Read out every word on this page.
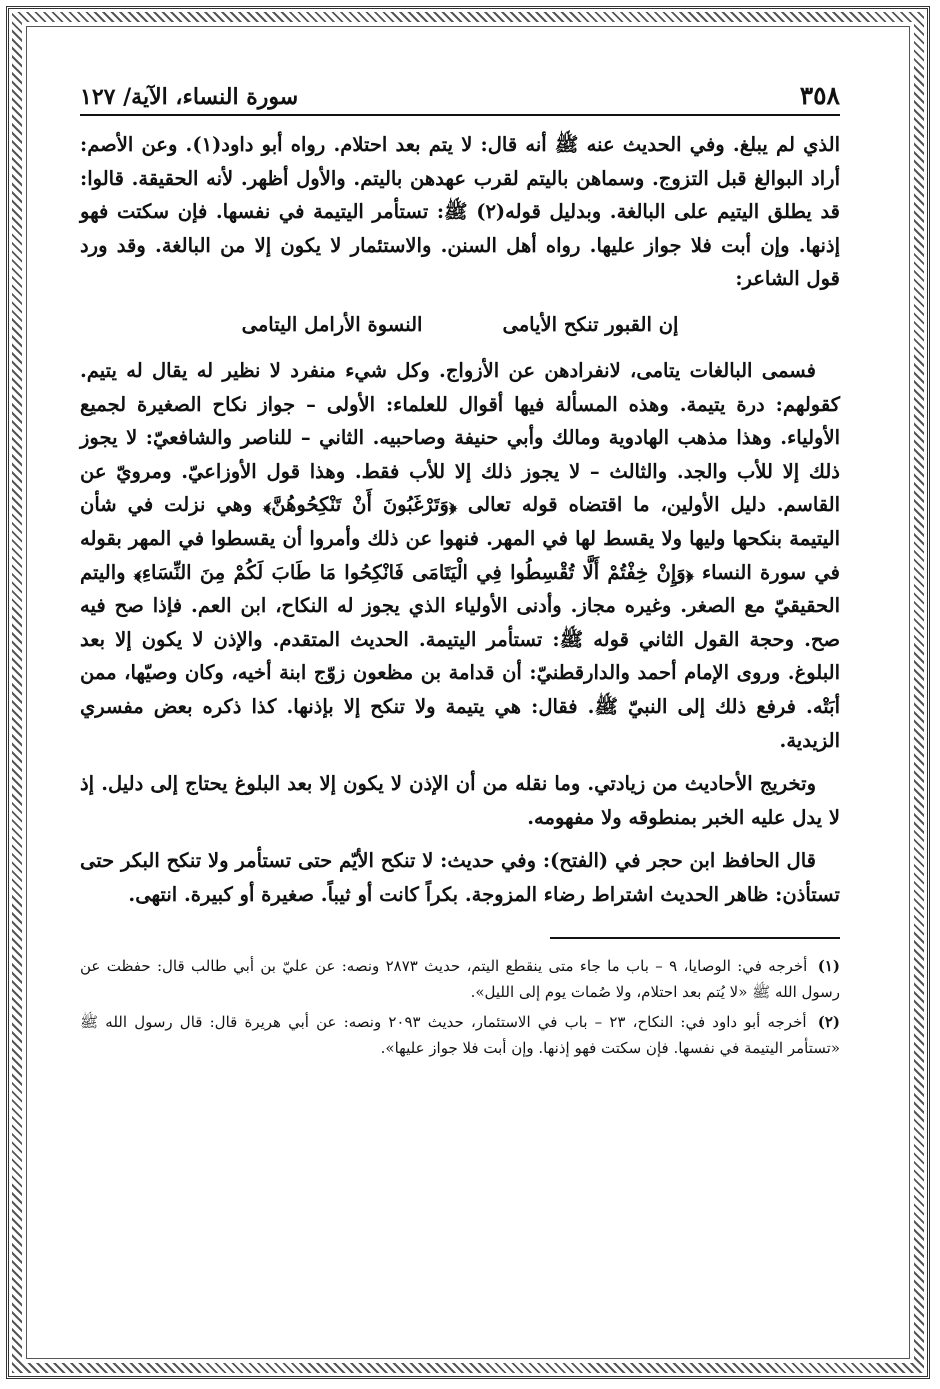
٣٥٨
سورة النساء، الآية/ ١٢٧

الذي لم يبلغ. وفي الحديث عنه ﷺ أنه قال: لا يتم بعد احتلام. رواه أبو داود(١). وعن الأصم: أراد البوالغ قبل التزوج. وسماهن باليتم لقرب عهدهن باليتم. والأول أظهر. لأنه الحقيقة. قالوا: قد يطلق اليتيم على البالغة. وبدليل قوله(٢) ﷺ: تستأمر اليتيمة في نفسها. فإن سكتت فهو إذنها. وإن أبت فلا جواز عليها. رواه أهل السنن. والاستئمار لا يكون إلا من البالغة. وقد ورد قول الشاعر:

إن القبور تنكح الأيامى
النسوة الأرامل اليتامى

فسمى البالغات يتامى، لانفرادهن عن الأزواج. وكل شيء منفرد لا نظير له يقال له يتيم. كقولهم: درة يتيمة. وهذه المسألة فيها أقوال للعلماء: الأولى – جواز نكاح الصغيرة لجميع الأولياء. وهذا مذهب الهادوية ومالك وأبي حنيفة وصاحبيه. الثاني – للناصر والشافعيّ: لا يجوز ذلك إلا للأب والجد. والثالث – لا يجوز ذلك إلا للأب فقط. وهذا قول الأوزاعيّ. ومرويّ عن القاسم. دليل الأولين، ما اقتضاه قوله تعالى ﴿وَتَرْغَبُونَ أَنْ تَنْكِحُوهُنَّ﴾ وهي نزلت في شأن اليتيمة بنكحها وليها ولا يقسط لها في المهر. فنهوا عن ذلك وأمروا أن يقسطوا في المهر بقوله في سورة النساء ﴿وَإِنْ خِفْتُمْ أَلَّا تُقْسِطُوا فِي الْيَتَامَى فَانْكِحُوا مَا طَابَ لَكُمْ مِنَ النِّسَاءِ﴾ واليتم الحقيقيّ مع الصغر. وغيره مجاز. وأدنى الأولياء الذي يجوز له النكاح، ابن العم. فإذا صح فيه صح. وحجة القول الثاني قوله ﷺ: تستأمر اليتيمة. الحديث المتقدم. والإذن لا يكون إلا بعد البلوغ. وروى الإمام أحمد والدارقطنيّ: أن قدامة بن مظعون زوّج ابنة أخيه، وكان وصيّها، ممن أبَتْه. فرفع ذلك إلى النبيّ ﷺ. فقال: هي يتيمة ولا تنكح إلا بإذنها. كذا ذكره بعض مفسري الزيدية.

وتخريج الأحاديث من زيادتي. وما نقله من أن الإذن لا يكون إلا بعد البلوغ يحتاج إلى دليل. إذ لا يدل عليه الخبر بمنطوقه ولا مفهومه.

قال الحافظ ابن حجر في (الفتح): وفي حديث: لا تنكح الأيّم حتى تستأمر ولا تنكح البكر حتى تستأذن: ظاهر الحديث اشتراط رضاء المزوجة. بكراً كانت أو ثيباً. صغيرة أو كبيرة. انتهى.

(١) أخرجه في: الوصايا، ٩ – باب ما جاء متى ينقطع اليتم، حديث ٢٨٧٣ ونصه: عن عليّ بن أبي طالب قال: حفظت عن رسول الله ﷺ «لا يُتم بعد احتلام، ولا صُمات يوم إلى الليل».

(٢) أخرجه أبو داود في: النكاح، ٢٣ – باب في الاستئمار، حديث ٢٠٩٣ ونصه: عن أبي هريرة قال: قال رسول الله ﷺ «تستأمر اليتيمة في نفسها. فإن سكتت فهو إذنها. وإن أبت فلا جواز عليها».
